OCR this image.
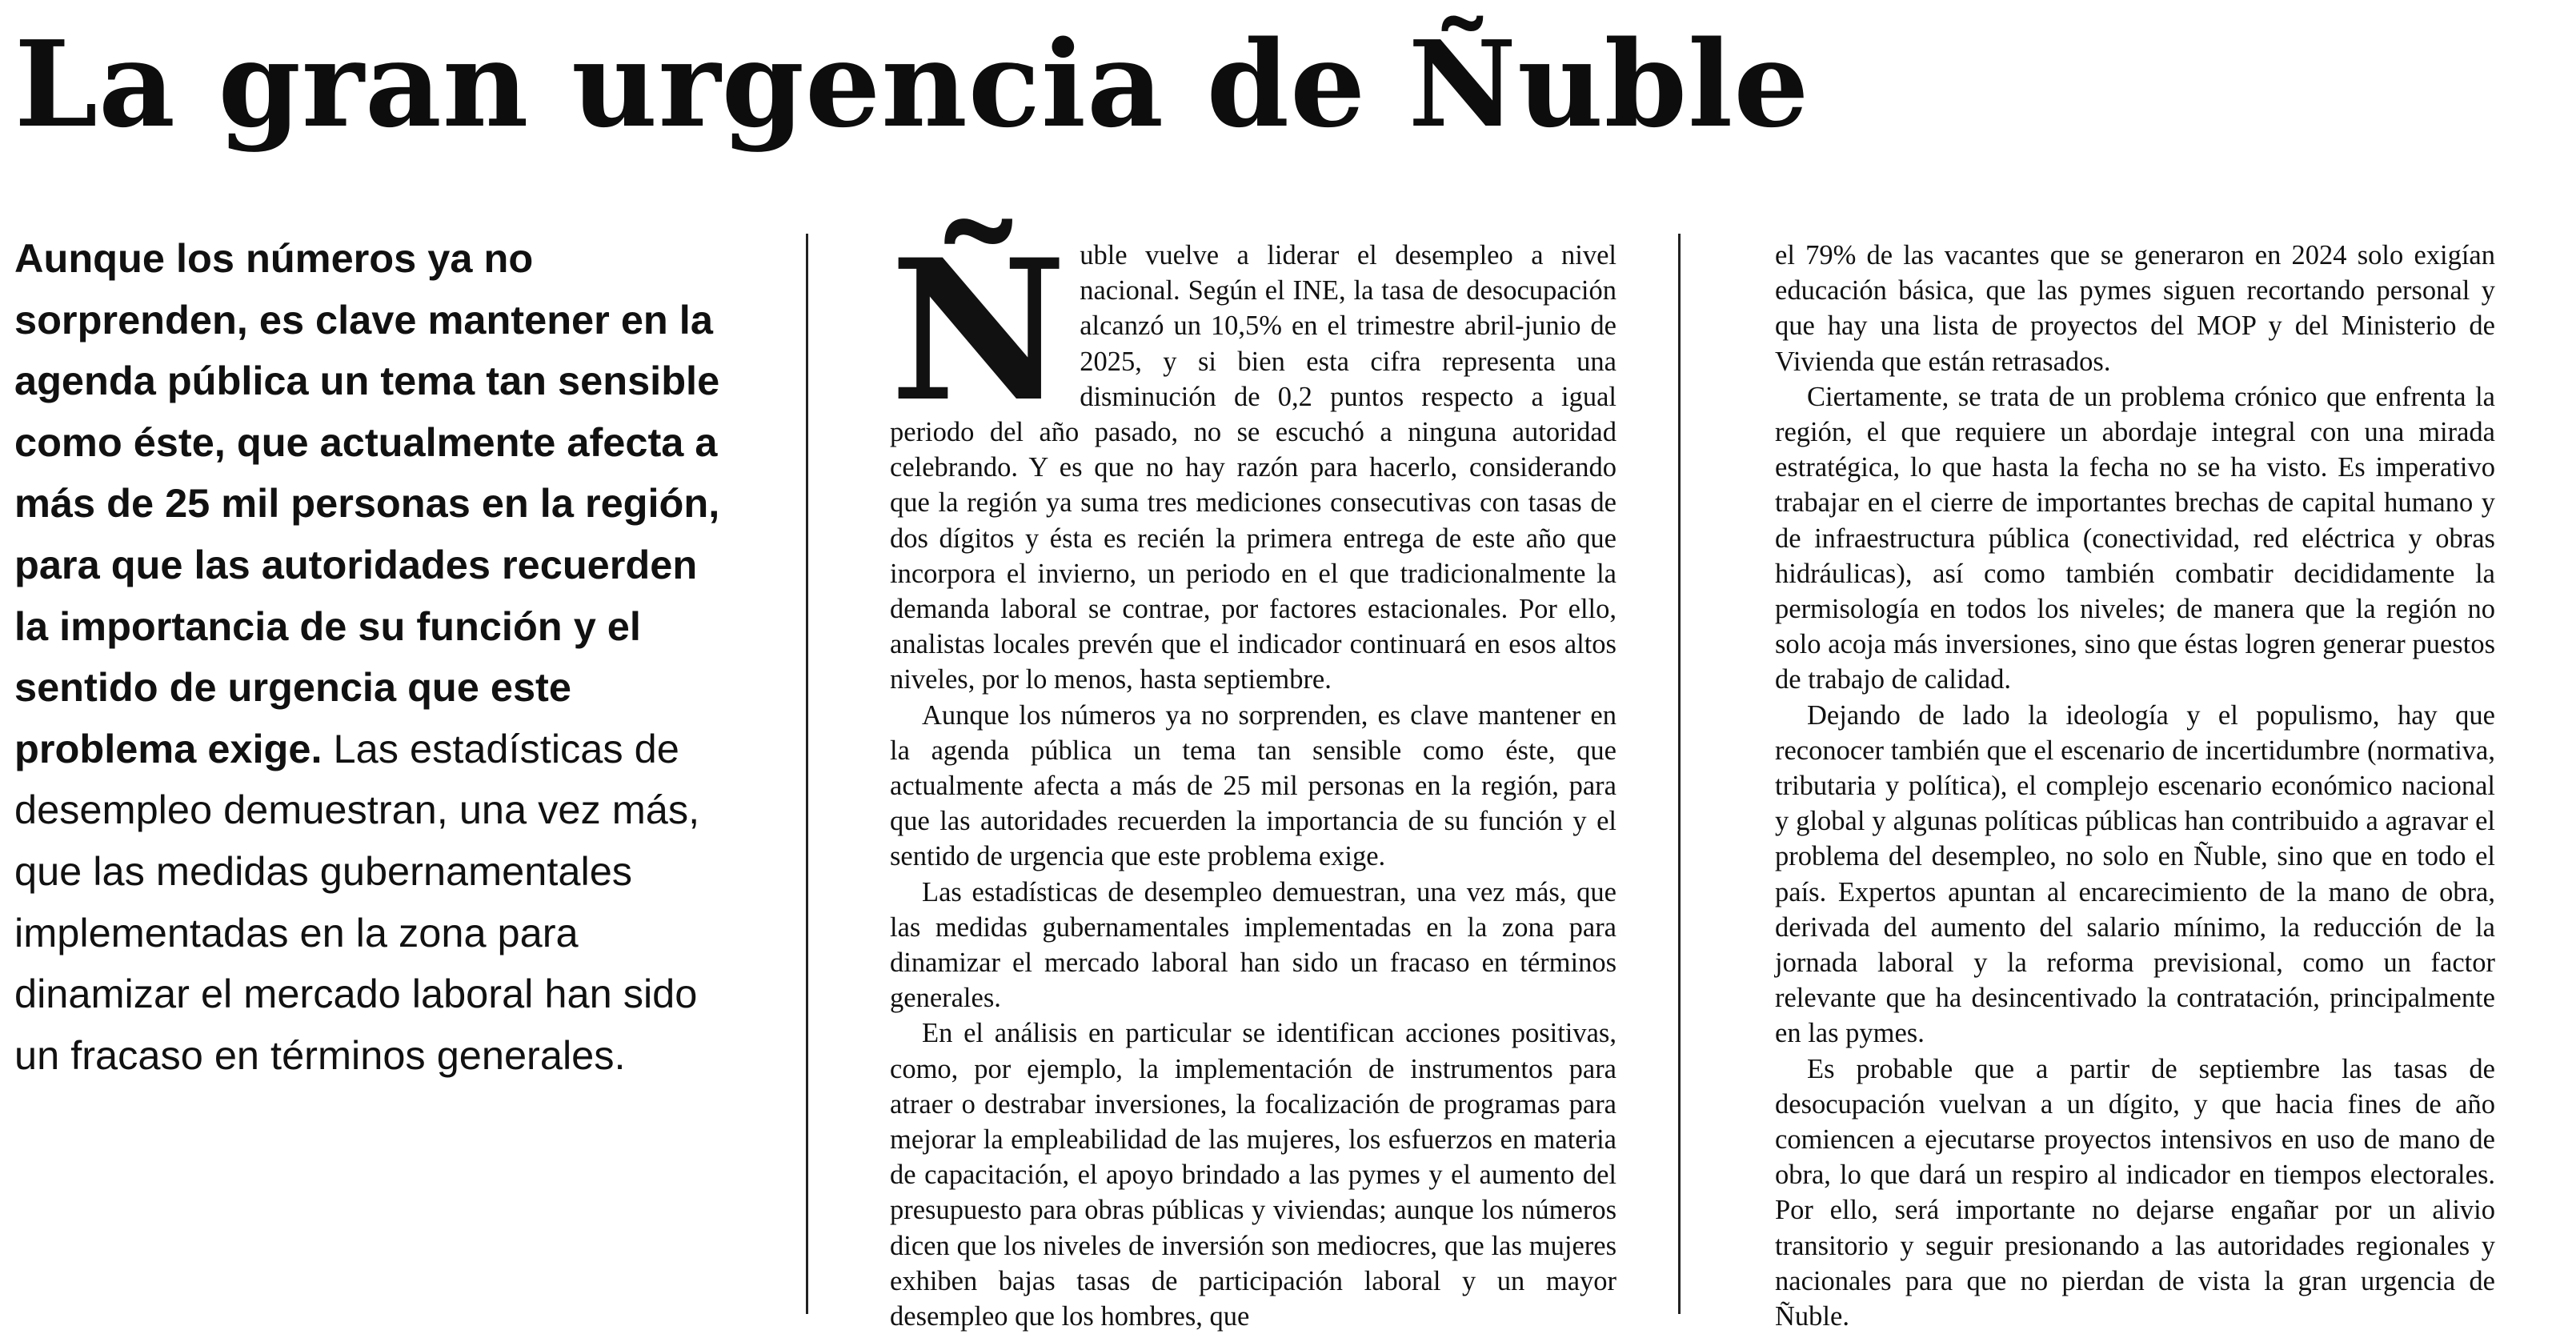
La gran urgencia de Ñuble
Aunque los números ya no sorprenden, es clave mantener en la agenda pública un tema tan sensible como éste, que actualmente afecta a más de 25 mil personas en la región, para que las autoridades recuerden la importancia de su función y el sentido de urgencia que este problema exige. Las estadísticas de desempleo demuestran, una vez más, que las medidas gubernamentales implementadas en la zona para dinamizar el mercado laboral han sido un fracaso en términos generales.

Ñuble vuelve a liderar el desempleo a nivel nacional. Según el INE, la tasa de desocupación alcanzó un 10,5% en el trimestre abril-junio de 2025, y si bien esta cifra representa una disminución de 0,2 puntos respecto a igual periodo del año pasado, no se escuchó a ninguna autoridad celebrando. Y es que no hay razón para hacerlo, considerando que la región ya suma tres mediciones consecutivas con tasas de dos dígitos y ésta es recién la primera entrega de este año que incorpora el invierno, un periodo en el que tradicionalmente la demanda laboral se contrae, por factores estacionales. Por ello, analistas locales prevén que el indicador continuará en esos altos niveles, por lo menos, hasta septiembre.

Aunque los números ya no sorprenden, es clave mantener en la agenda pública un tema tan sensible como éste, que actualmente afecta a más de 25 mil personas en la región, para que las autoridades recuerden la importancia de su función y el sentido de urgencia que este problema exige.

Las estadísticas de desempleo demuestran, una vez más, que las medidas gubernamentales implementadas en la zona para dinamizar el mercado laboral han sido un fracaso en términos generales.

En el análisis en particular se identifican acciones positivas, como, por ejemplo, la implementación de instrumentos para atraer o destrabar inversiones, la focalización de programas para mejorar la empleabilidad de las mujeres, los esfuerzos en materia de capacitación, el apoyo brindado a las pymes y el aumento del presupuesto para obras públicas y viviendas; aunque los números dicen que los niveles de inversión son mediocres, que las mujeres exhiben bajas tasas de participación laboral y un mayor desempleo que los hombres, que

el 79% de las vacantes que se generaron en 2024 solo exigían educación básica, que las pymes siguen recortando personal y que hay una lista de proyectos del MOP y del Ministerio de Vivienda que están retrasados.

Ciertamente, se trata de un problema crónico que enfrenta la región, el que requiere un abordaje integral con una mirada estratégica, lo que hasta la fecha no se ha visto. Es imperativo trabajar en el cierre de importantes brechas de capital humano y de infraestructura pública (conectividad, red eléctrica y obras hidráulicas), así como también combatir decididamente la permisología en todos los niveles; de manera que la región no solo acoja más inversiones, sino que éstas logren generar puestos de trabajo de calidad.

Dejando de lado la ideología y el populismo, hay que reconocer también que el escenario de incertidumbre (normativa, tributaria y política), el complejo escenario económico nacional y global y algunas políticas públicas han contribuido a agravar el problema del desempleo, no solo en Ñuble, sino que en todo el país. Expertos apuntan al encarecimiento de la mano de obra, derivada del aumento del salario mínimo, la reducción de la jornada laboral y la reforma previsional, como un factor relevante que ha desincentivado la contratación, principalmente en las pymes.

Es probable que a partir de septiembre las tasas de desocupación vuelvan a un dígito, y que hacia fines de año comiencen a ejecutarse proyectos intensivos en uso de mano de obra, lo que dará un respiro al indicador en tiempos electorales. Por ello, será importante no dejarse engañar por un alivio transitorio y seguir presionando a las autoridades regionales y nacionales para que no pierdan de vista la gran urgencia de Ñuble.
